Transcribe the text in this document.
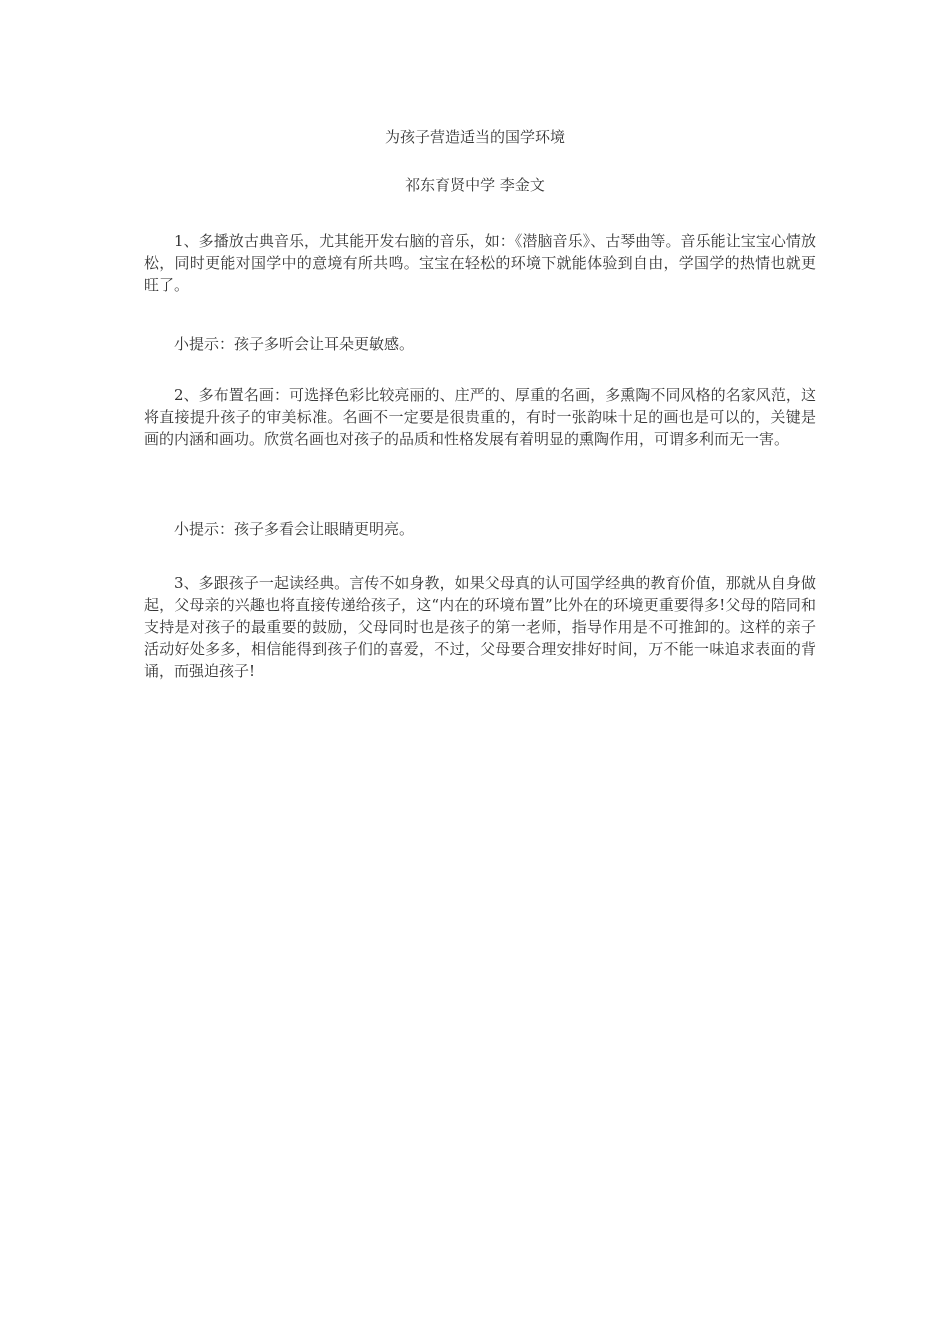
为孩子营造适当的国学环境

祁东育贤中学 李金文

1、多播放古典音乐，尤其能开发右脑的音乐，如：《潜脑音乐》、古琴曲等。音乐能让宝宝心情放松，同时更能对国学中的意境有所共鸣。宝宝在轻松的环境下就能体验到自由，学国学的热情也就更旺了。

小提示：孩子多听会让耳朵更敏感。

2、多布置名画：可选择色彩比较亮丽的、庄严的、厚重的名画，多熏陶不同风格的名家风范，这将直接提升孩子的审美标准。名画不一定要是很贵重的，有时一张韵味十足的画也是可以的，关键是画的内涵和画功。欣赏名画也对孩子的品质和性格发展有着明显的熏陶作用，可谓多利而无一害。

小提示：孩子多看会让眼睛更明亮。

3、多跟孩子一起读经典。言传不如身教，如果父母真的认可国学经典的教育价值，那就从自身做起，父母亲的兴趣也将直接传递给孩子，这“内在的环境布置”比外在的环境更重要得多!父母的陪同和支持是对孩子的最重要的鼓励，父母同时也是孩子的第一老师，指导作用是不可推卸的。这样的亲子活动好处多多，相信能得到孩子们的喜爱，不过，父母要合理安排好时间，万不能一味追求表面的背诵，而强迫孩子!
